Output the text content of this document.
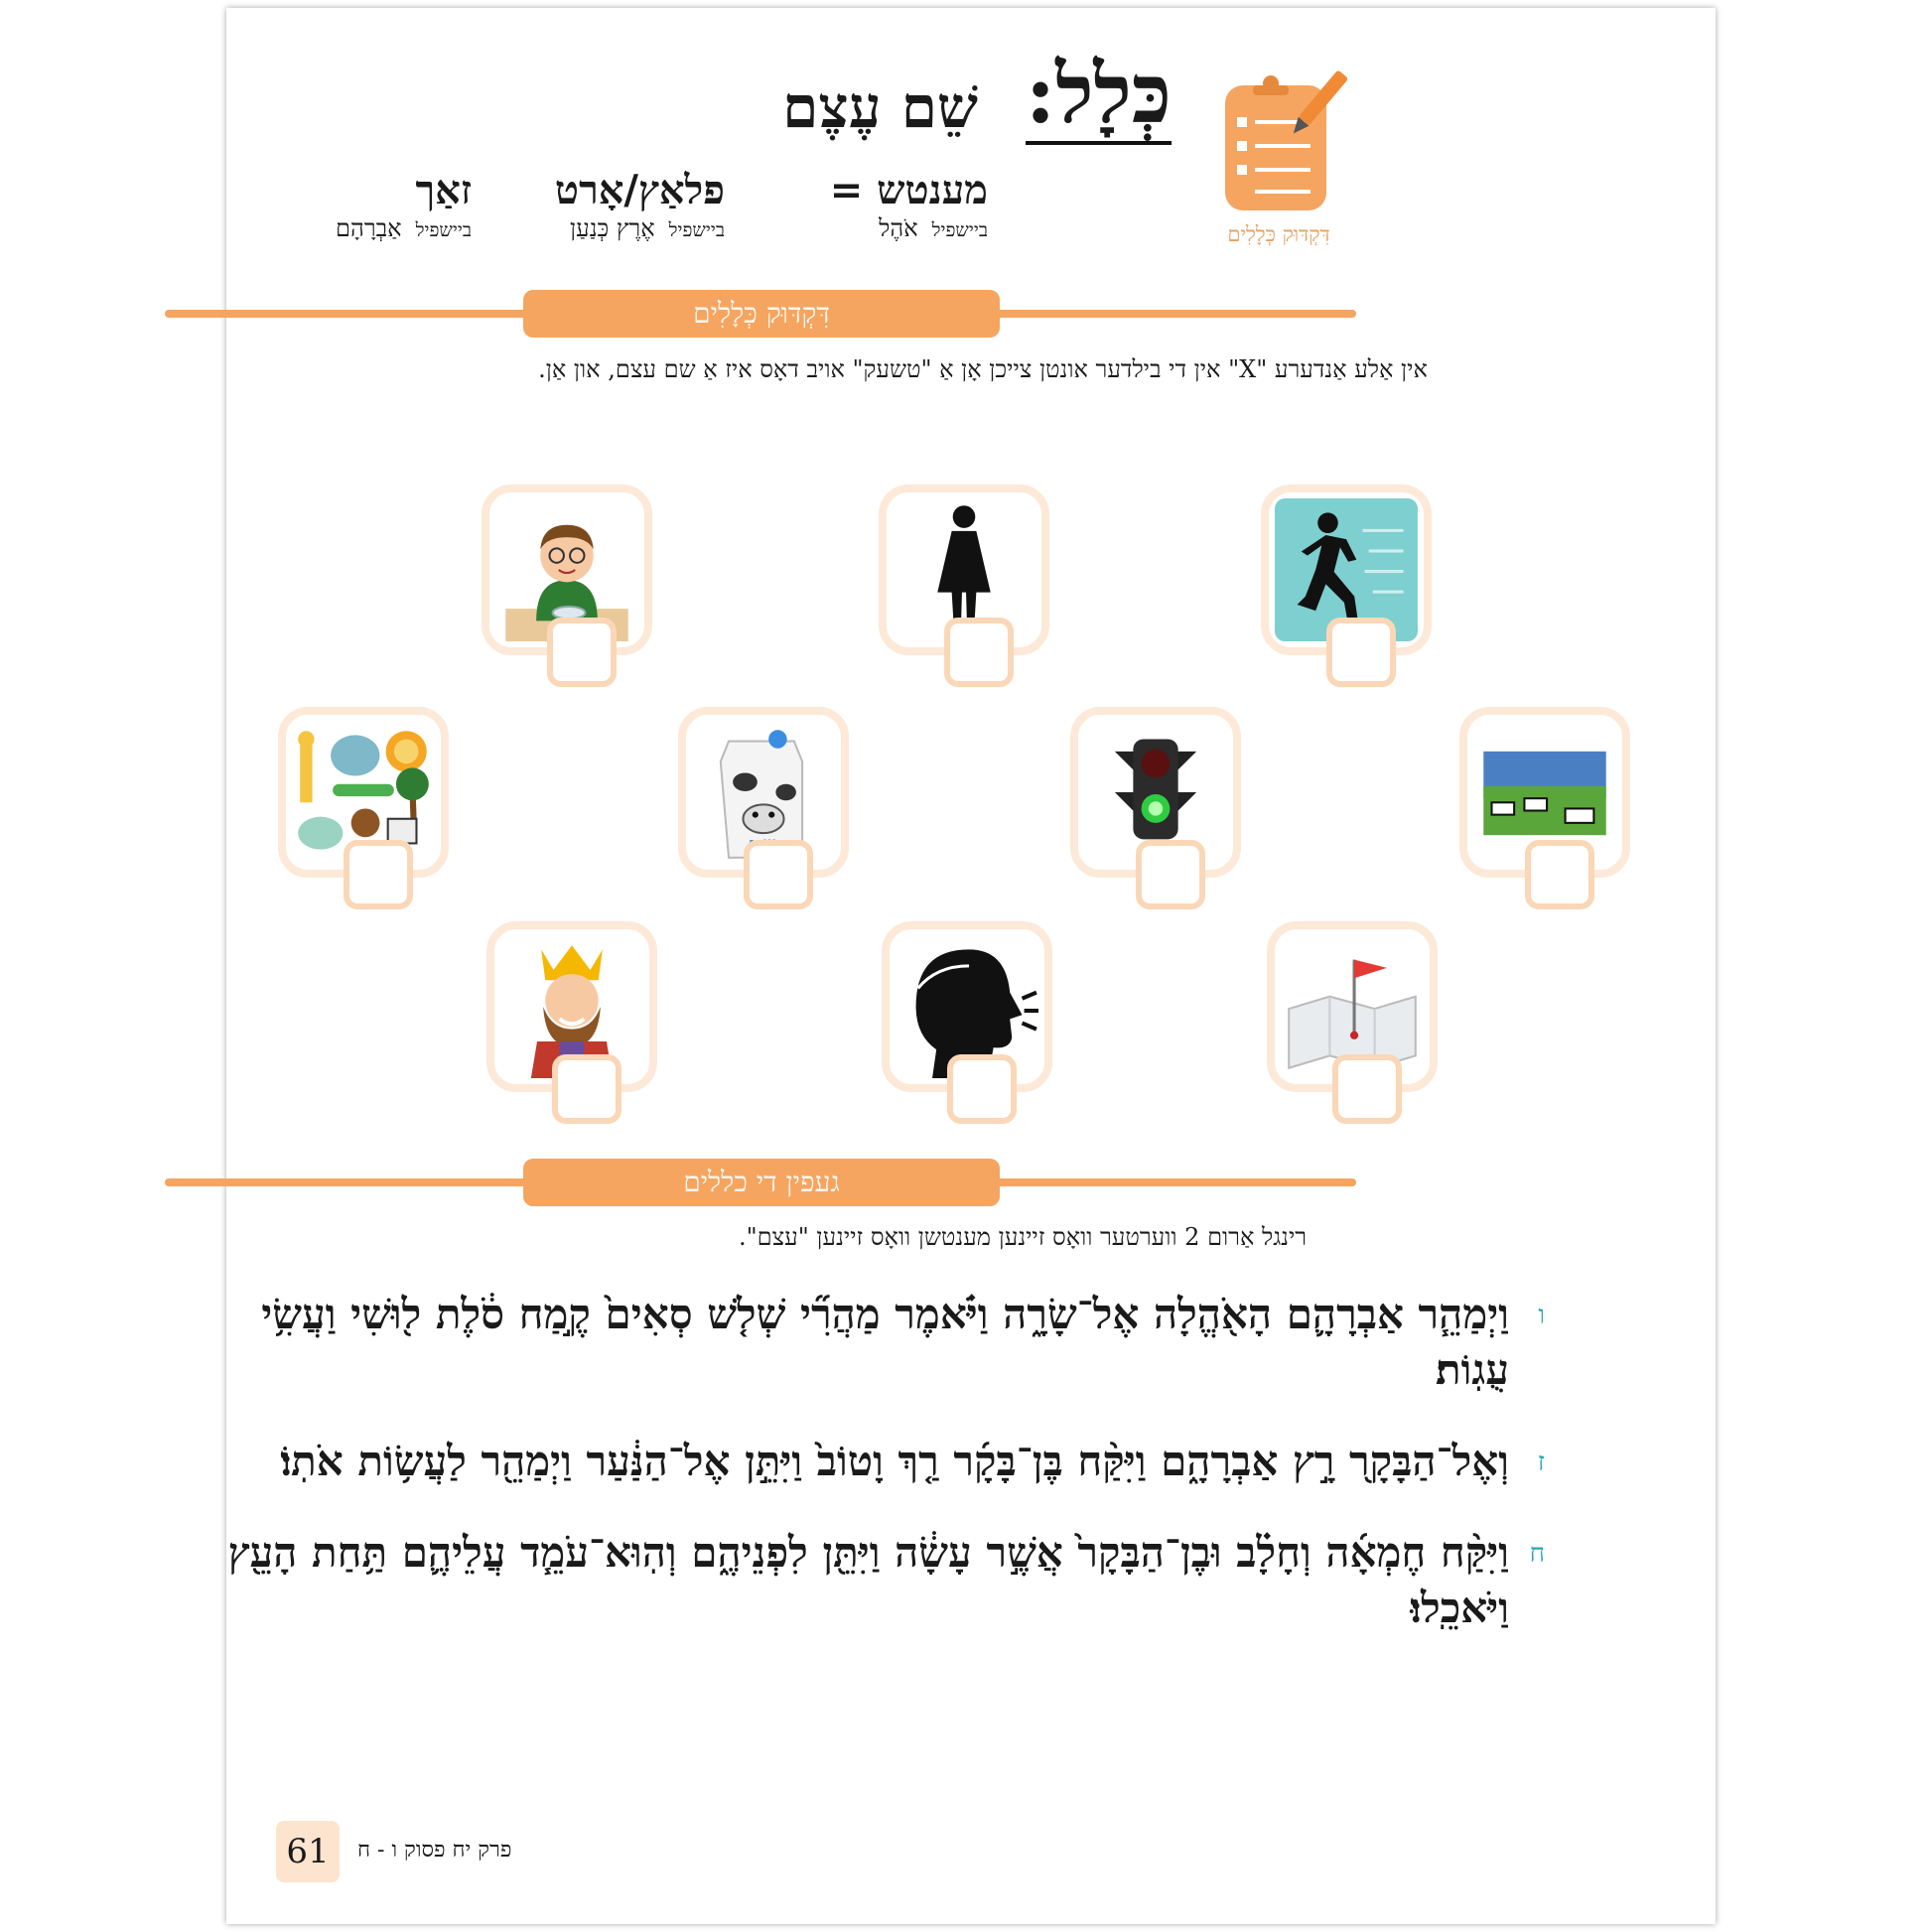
כְּלָל:
שֵׁם עֶצֶם
מענטש =
ביישפילאֹהֶל
פלאַץ/אָרט
ביישפילאֶרֶץ כְּנַעַן
זאַך
ביישפילאַבְרָהָם	דִּקְדּוּק כְּלָלִים
דִּקְדּוּק כְּלָלִים
אין אַלע אַנדערע "X" אין די בילדער אונטן צייכן אָן אַ "טשעק" אויב דאָס איז אַ שם עצם, און אַן.
געפין די כללים
רינגל אַרום 2 ווערטער וואָס זיינען מענטשן וואָס זיינען "עצם".
ו
וַיְמַהֵ֧ר אַבְרָהָ֛ם הָאֹ֖הֱלָה אֶל־שָׂרָ֑ה וַיֹּ֗אמֶר מַהֲרִ֞י שְׁלֹ֤שׁ סְאִים֙ קֶ֣מַח סֹ֔לֶת ל֖וּשִׁי וַעֲשִׂ֥י עֻגֽוֹת׃
ז
וְאֶל־הַבָּקָ֖ר רָ֣ץ אַבְרָהָ֑ם וַיִּקַּ֨ח בֶּן־בָּקָ֜ר רַ֤ךְ וָטוֹב֙ וַיִּתֵּ֣ן אֶל־הַנַּ֔עַר וַיְמַהֵ֖ר לַעֲשׂ֥וֹת אֹתֽוֹ׃
ח
וַיִּקַּ֨ח חֶמְאָ֜ה וְחָלָ֗ב וּבֶן־הַבָּקָר֙ אֲשֶׁ֣ר עָשָׂ֔ה וַיִּתֵּ֖ן לִפְנֵיהֶ֑ם וְהֽוּא־עֹמֵ֧ד עֲלֵיהֶ֛ם תַּ֥חַת הָעֵ֖ץ וַיֹּאכֵֽלוּ׃
61	פרק יח פסוק ו - ח
